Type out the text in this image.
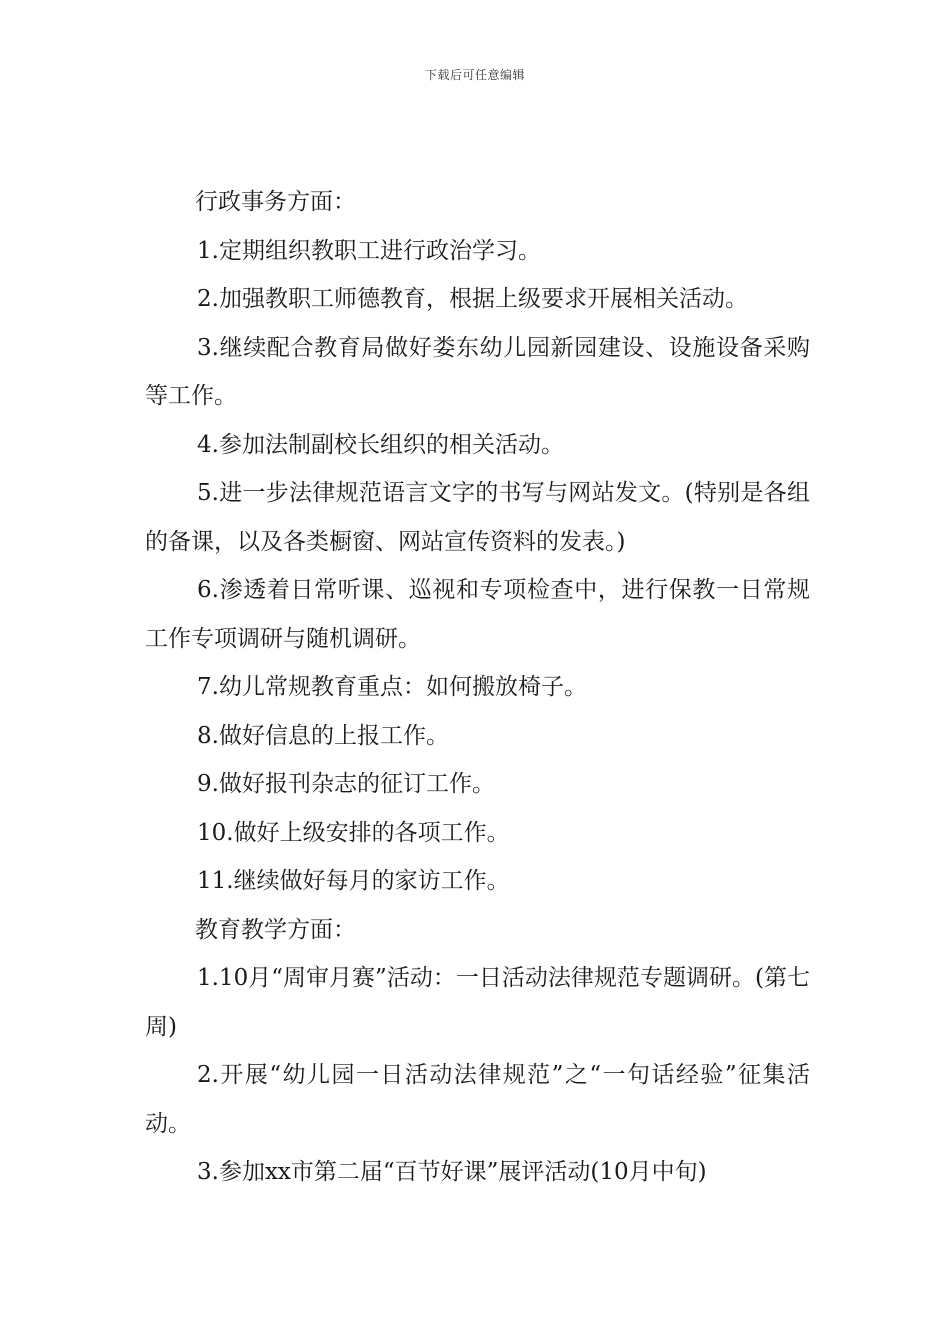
下载后可任意编辑

行政事务方面：

1.定期组织教职工进行政治学习。

2.加强教职工师德教育，根据上级要求开展相关活动。

3.继续配合教育局做好娄东幼儿园新园建设、设施设备采购等工作。

4.参加法制副校长组织的相关活动。

5.进一步法律规范语言文字的书写与网站发文。(特别是各组的备课，以及各类橱窗、网站宣传资料的发表。)

6.渗透着日常听课、巡视和专项检查中，进行保教一日常规工作专项调研与随机调研。

7.幼儿常规教育重点：如何搬放椅子。

8.做好信息的上报工作。

9.做好报刊杂志的征订工作。

10.做好上级安排的各项工作。

11.继续做好每月的家访工作。

教育教学方面：

1.10月“周审月赛”活动：一日活动法律规范专题调研。(第七周)

2.开展“幼儿园一日活动法律规范”之“一句话经验”征集活动。

3.参加xx市第二届“百节好课”展评活动(10月中旬)
